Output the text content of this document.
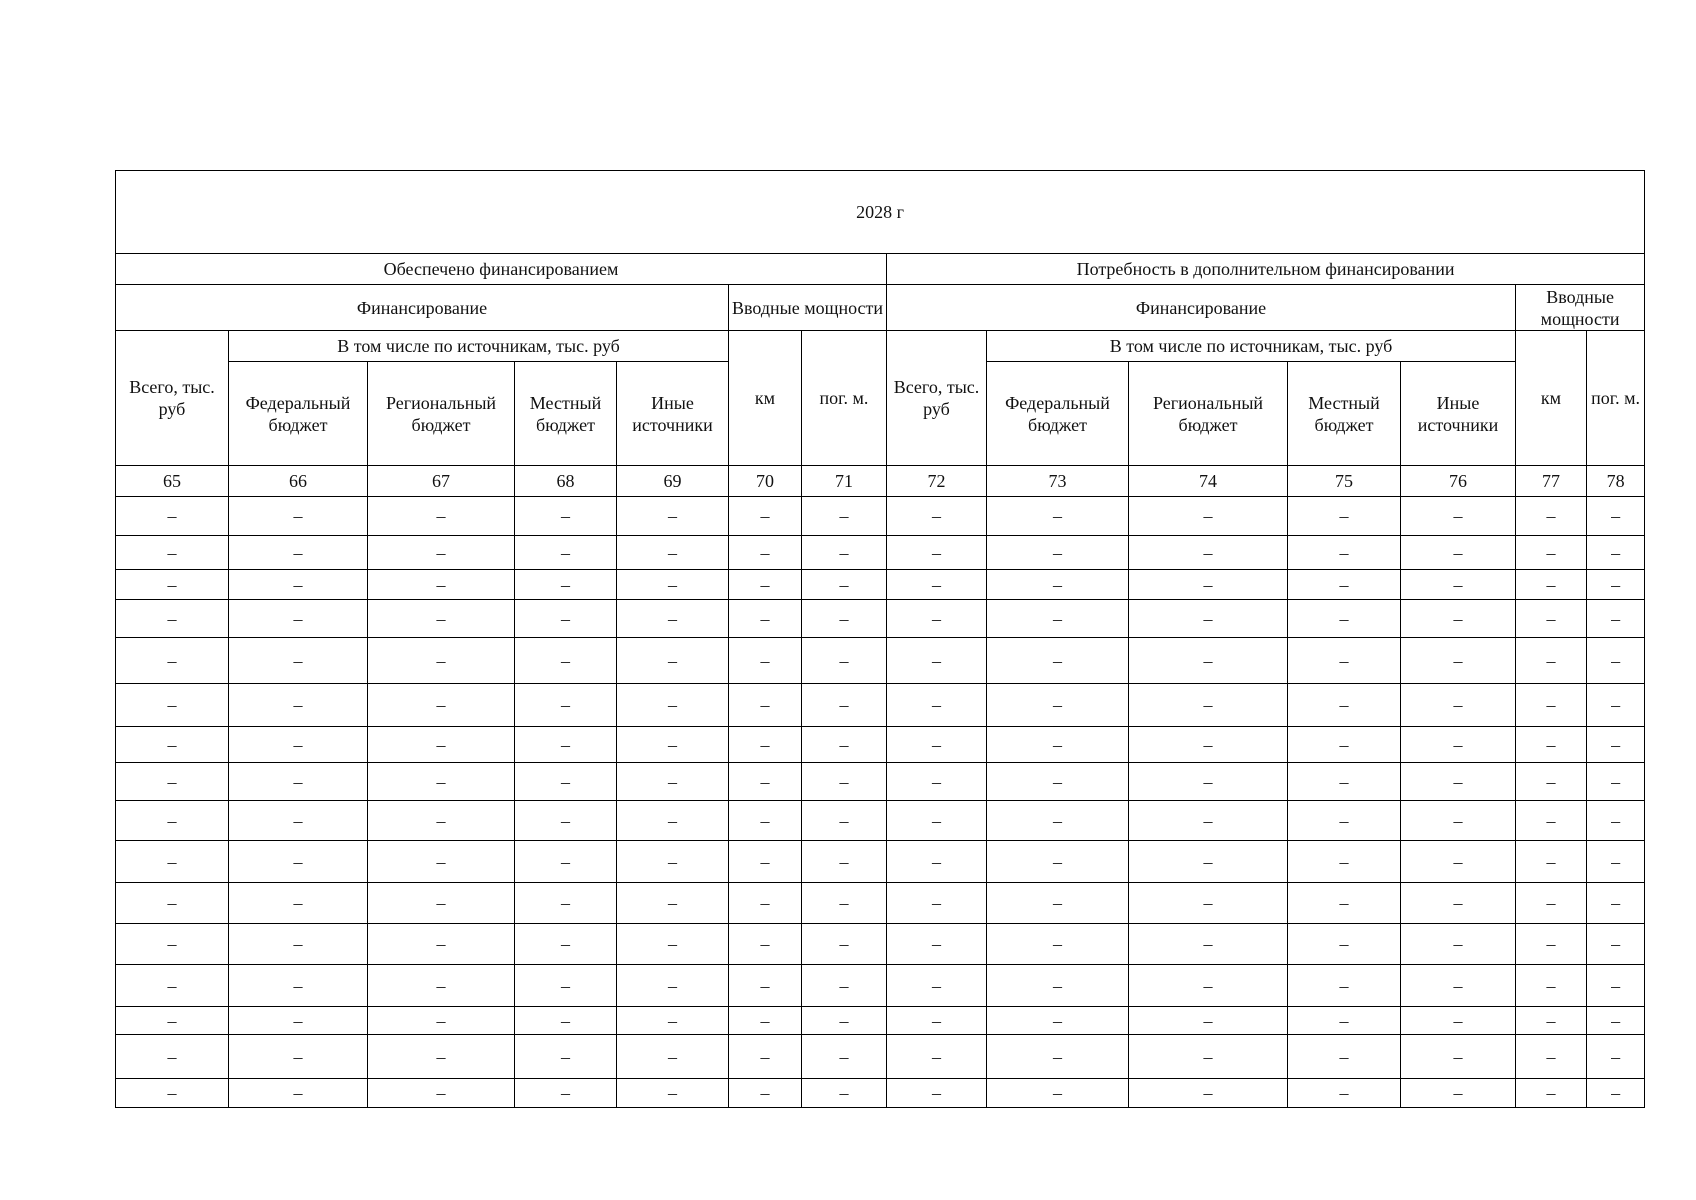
2028 г													
Обеспечено финансированием							Потребность в дополнительном финансировании						
Финансирование					Вводные мощности		Финансирование					Вводные мощности	
Всего, тыс. руб	В том числе по источникам, тыс. руб				км	пог. м.	Всего, тыс. руб	В том числе по источникам, тыс. руб				км	пог. м.
	Федеральный бюджет	Региональный бюджет	Местный бюджет	Иные источники				Федеральный бюджет	Региональный бюджет	Местный бюджет	Иные источники		
65	66	67	68	69	70	71	72	73	74	75	76	77	78
–	–	–	–	–	–	–	–	–	–	–	–	–	–
–	–	–	–	–	–	–	–	–	–	–	–	–	–
–	–	–	–	–	–	–	–	–	–	–	–	–	–
–	–	–	–	–	–	–	–	–	–	–	–	–	–
–	–	–	–	–	–	–	–	–	–	–	–	–	–
–	–	–	–	–	–	–	–	–	–	–	–	–	–
–	–	–	–	–	–	–	–	–	–	–	–	–	–
–	–	–	–	–	–	–	–	–	–	–	–	–	–
–	–	–	–	–	–	–	–	–	–	–	–	–	–
–	–	–	–	–	–	–	–	–	–	–	–	–	–
–	–	–	–	–	–	–	–	–	–	–	–	–	–
–	–	–	–	–	–	–	–	–	–	–	–	–	–
–	–	–	–	–	–	–	–	–	–	–	–	–	–
–	–	–	–	–	–	–	–	–	–	–	–	–	–
–	–	–	–	–	–	–	–	–	–	–	–	–	–
–	–	–	–	–	–	–	–	–	–	–	–	–	–
